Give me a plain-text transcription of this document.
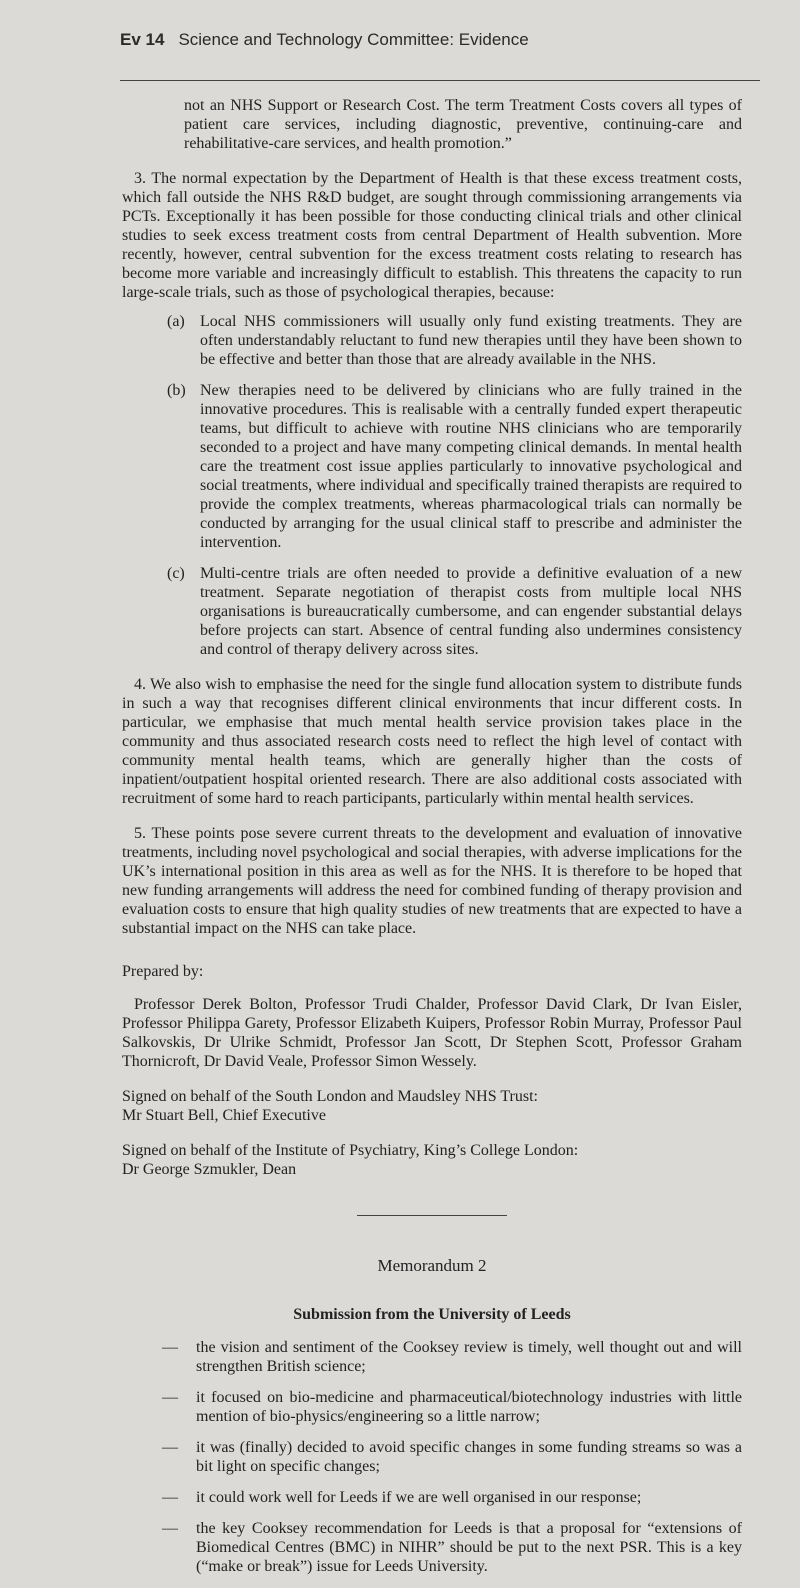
Ev 14 Science and Technology Committee: Evidence

not an NHS Support or Research Cost. The term Treatment Costs covers all types of patient care services, including diagnostic, preventive, continuing-care and rehabilitative-care services, and health promotion.”

3. The normal expectation by the Department of Health is that these excess treatment costs, which fall outside the NHS R&D budget, are sought through commissioning arrangements via PCTs. Exceptionally it has been possible for those conducting clinical trials and other clinical studies to seek excess treatment costs from central Department of Health subvention. More recently, however, central subvention for the excess treatment costs relating to research has become more variable and increasingly difficult to establish. This threatens the capacity to run large-scale trials, such as those of psychological therapies, because:

(a) Local NHS commissioners will usually only fund existing treatments. They are often understandably reluctant to fund new therapies until they have been shown to be effective and better than those that are already available in the NHS.
(b) New therapies need to be delivered by clinicians who are fully trained in the innovative procedures. This is realisable with a centrally funded expert therapeutic teams, but difficult to achieve with routine NHS clinicians who are temporarily seconded to a project and have many competing clinical demands. In mental health care the treatment cost issue applies particularly to innovative psychological and social treatments, where individual and specifically trained therapists are required to provide the complex treatments, whereas pharmacological trials can normally be conducted by arranging for the usual clinical staff to prescribe and administer the intervention.
(c) Multi-centre trials are often needed to provide a definitive evaluation of a new treatment. Separate negotiation of therapist costs from multiple local NHS organisations is bureaucratically cumbersome, and can engender substantial delays before projects can start. Absence of central funding also undermines consistency and control of therapy delivery across sites.

4. We also wish to emphasise the need for the single fund allocation system to distribute funds in such a way that recognises different clinical environments that incur different costs. In particular, we emphasise that much mental health service provision takes place in the community and thus associated research costs need to reflect the high level of contact with community mental health teams, which are generally higher than the costs of inpatient/outpatient hospital oriented research. There are also additional costs associated with recruitment of some hard to reach participants, particularly within mental health services.

5. These points pose severe current threats to the development and evaluation of innovative treatments, including novel psychological and social therapies, with adverse implications for the UK’s international position in this area as well as for the NHS. It is therefore to be hoped that new funding arrangements will address the need for combined funding of therapy provision and evaluation costs to ensure that high quality studies of new treatments that are expected to have a substantial impact on the NHS can take place.

Prepared by:

Professor Derek Bolton, Professor Trudi Chalder, Professor David Clark, Dr Ivan Eisler, Professor Philippa Garety, Professor Elizabeth Kuipers, Professor Robin Murray, Professor Paul Salkovskis, Dr Ulrike Schmidt, Professor Jan Scott, Dr Stephen Scott, Professor Graham Thornicroft, Dr David Veale, Professor Simon Wessely.

Signed on behalf of the South London and Maudsley NHS Trust:
Mr Stuart Bell, Chief Executive
Signed on behalf of the Institute of Psychiatry, King’s College London:
Dr George Szmukler, Dean
Memorandum 2
Submission from the University of Leeds
—	the vision and sentiment of the Cooksey review is timely, well thought out and will strengthen British science;
—	it focused on bio-medicine and pharmaceutical/biotechnology industries with little mention of bio-physics/engineering so a little narrow;
—	it was (finally) decided to avoid specific changes in some funding streams so was a bit light on specific changes;
—	it could work well for Leeds if we are well organised in our response;
—	the key Cooksey recommendation for Leeds is that a proposal for “extensions of Biomedical Centres (BMC) in NIHR” should be put to the next PSR. This is a key (“make or break”) issue for Leeds University.
